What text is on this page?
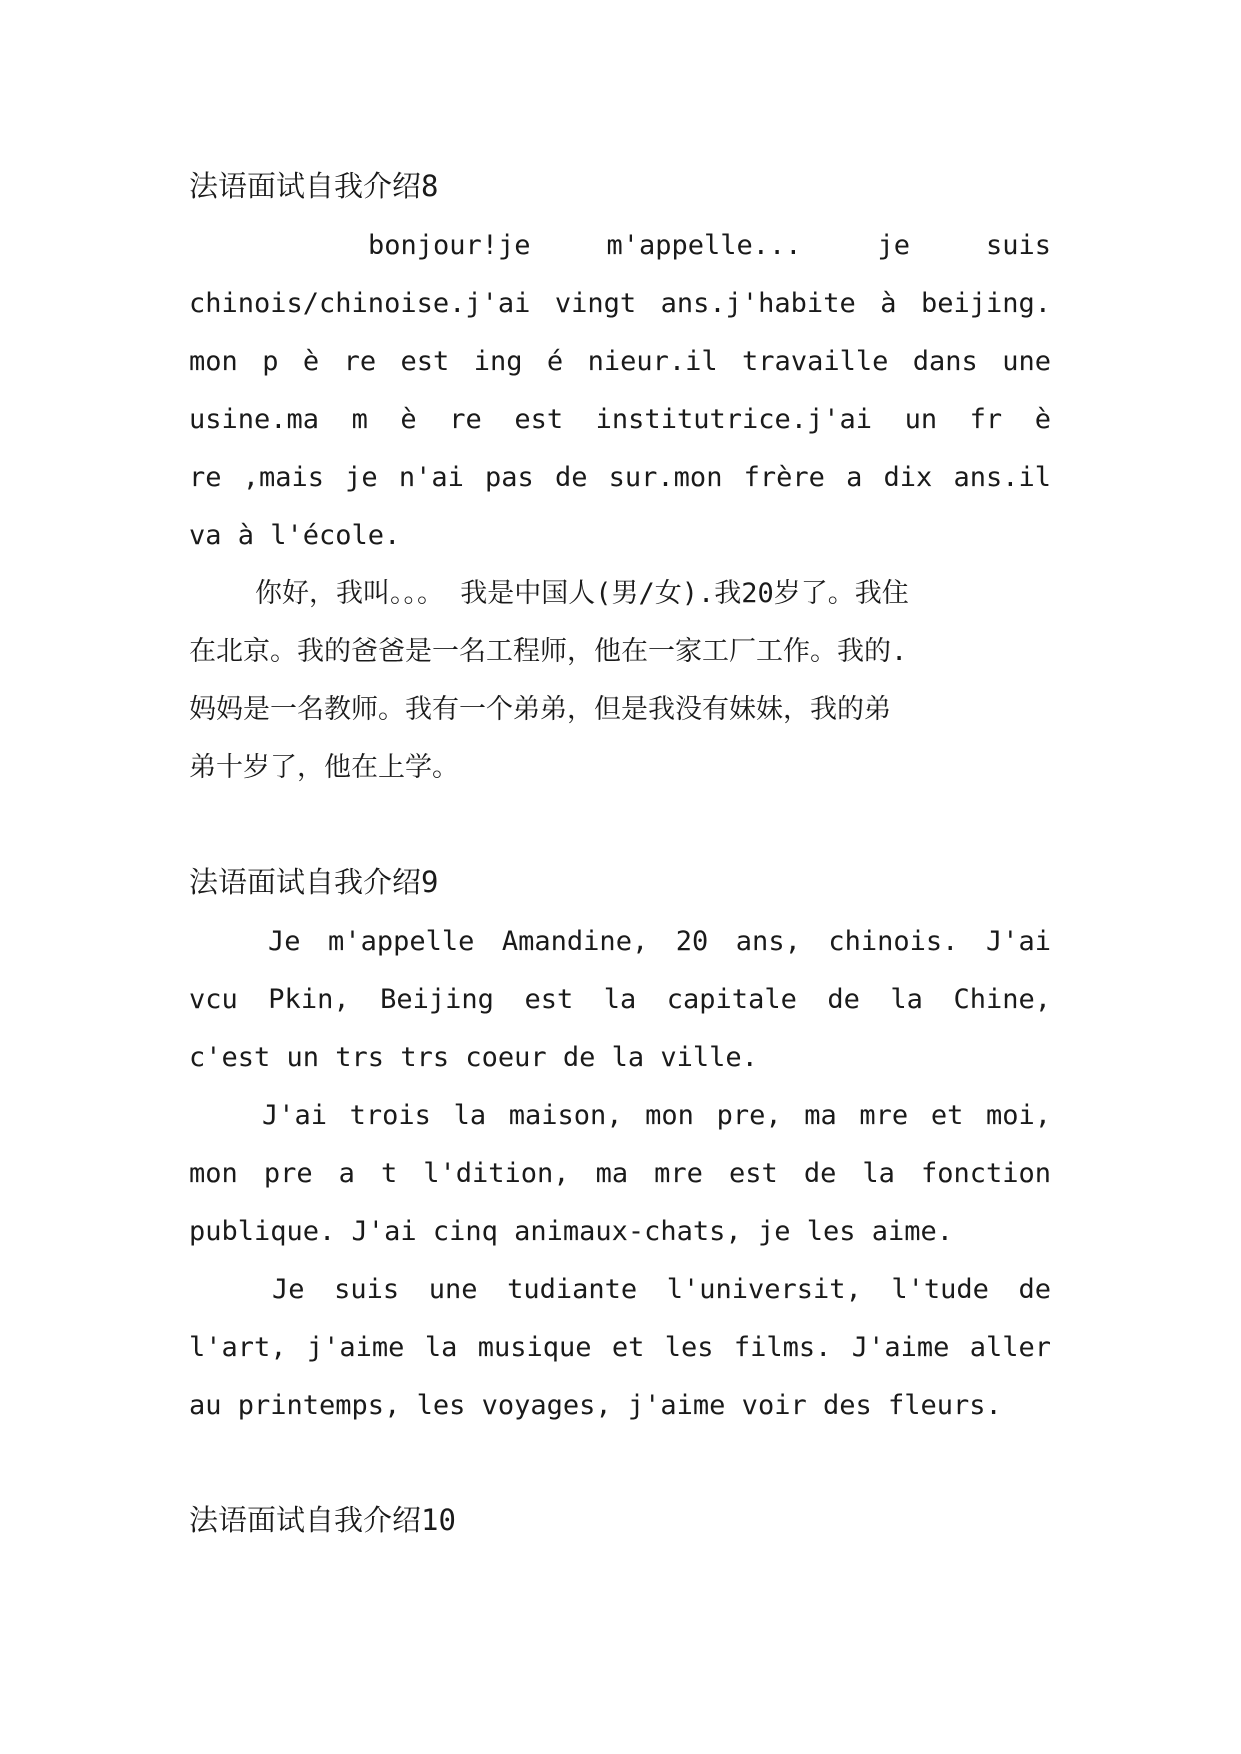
法语面试自我介绍8
bonjour!je m'appelle... je suis
chinois/chinoise.j'ai vingt ans.j'habite à beijing.
mon p è re est ing é nieur.il travaille dans une
usine.ma m è re est institutrice.j'ai un fr è
re ,mais je n'ai pas de sur.mon frère a dix ans.il
va à l'école.
你好，我叫。。。 我是中国人(男/女).我20岁了。我住
在北京。我的爸爸是一名工程师，他在一家工厂工作。我的.
妈妈是一名教师。我有一个弟弟，但是我没有妹妹，我的弟
弟十岁了，他在上学。
法语面试自我介绍9
Je m'appelle Amandine, 20 ans, chinois. J'ai
vcu Pkin, Beijing est la capitale de la Chine,
c'est un trs trs coeur de la ville.
J'ai trois la maison, mon pre, ma mre et moi,
mon pre a t l'dition, ma mre est de la fonction
publique. J'ai cinq animaux-chats, je les aime.
Je suis une tudiante l'universit, l'tude de
l'art, j'aime la musique et les films. J'aime aller
au printemps, les voyages, j'aime voir des fleurs.
法语面试自我介绍10
